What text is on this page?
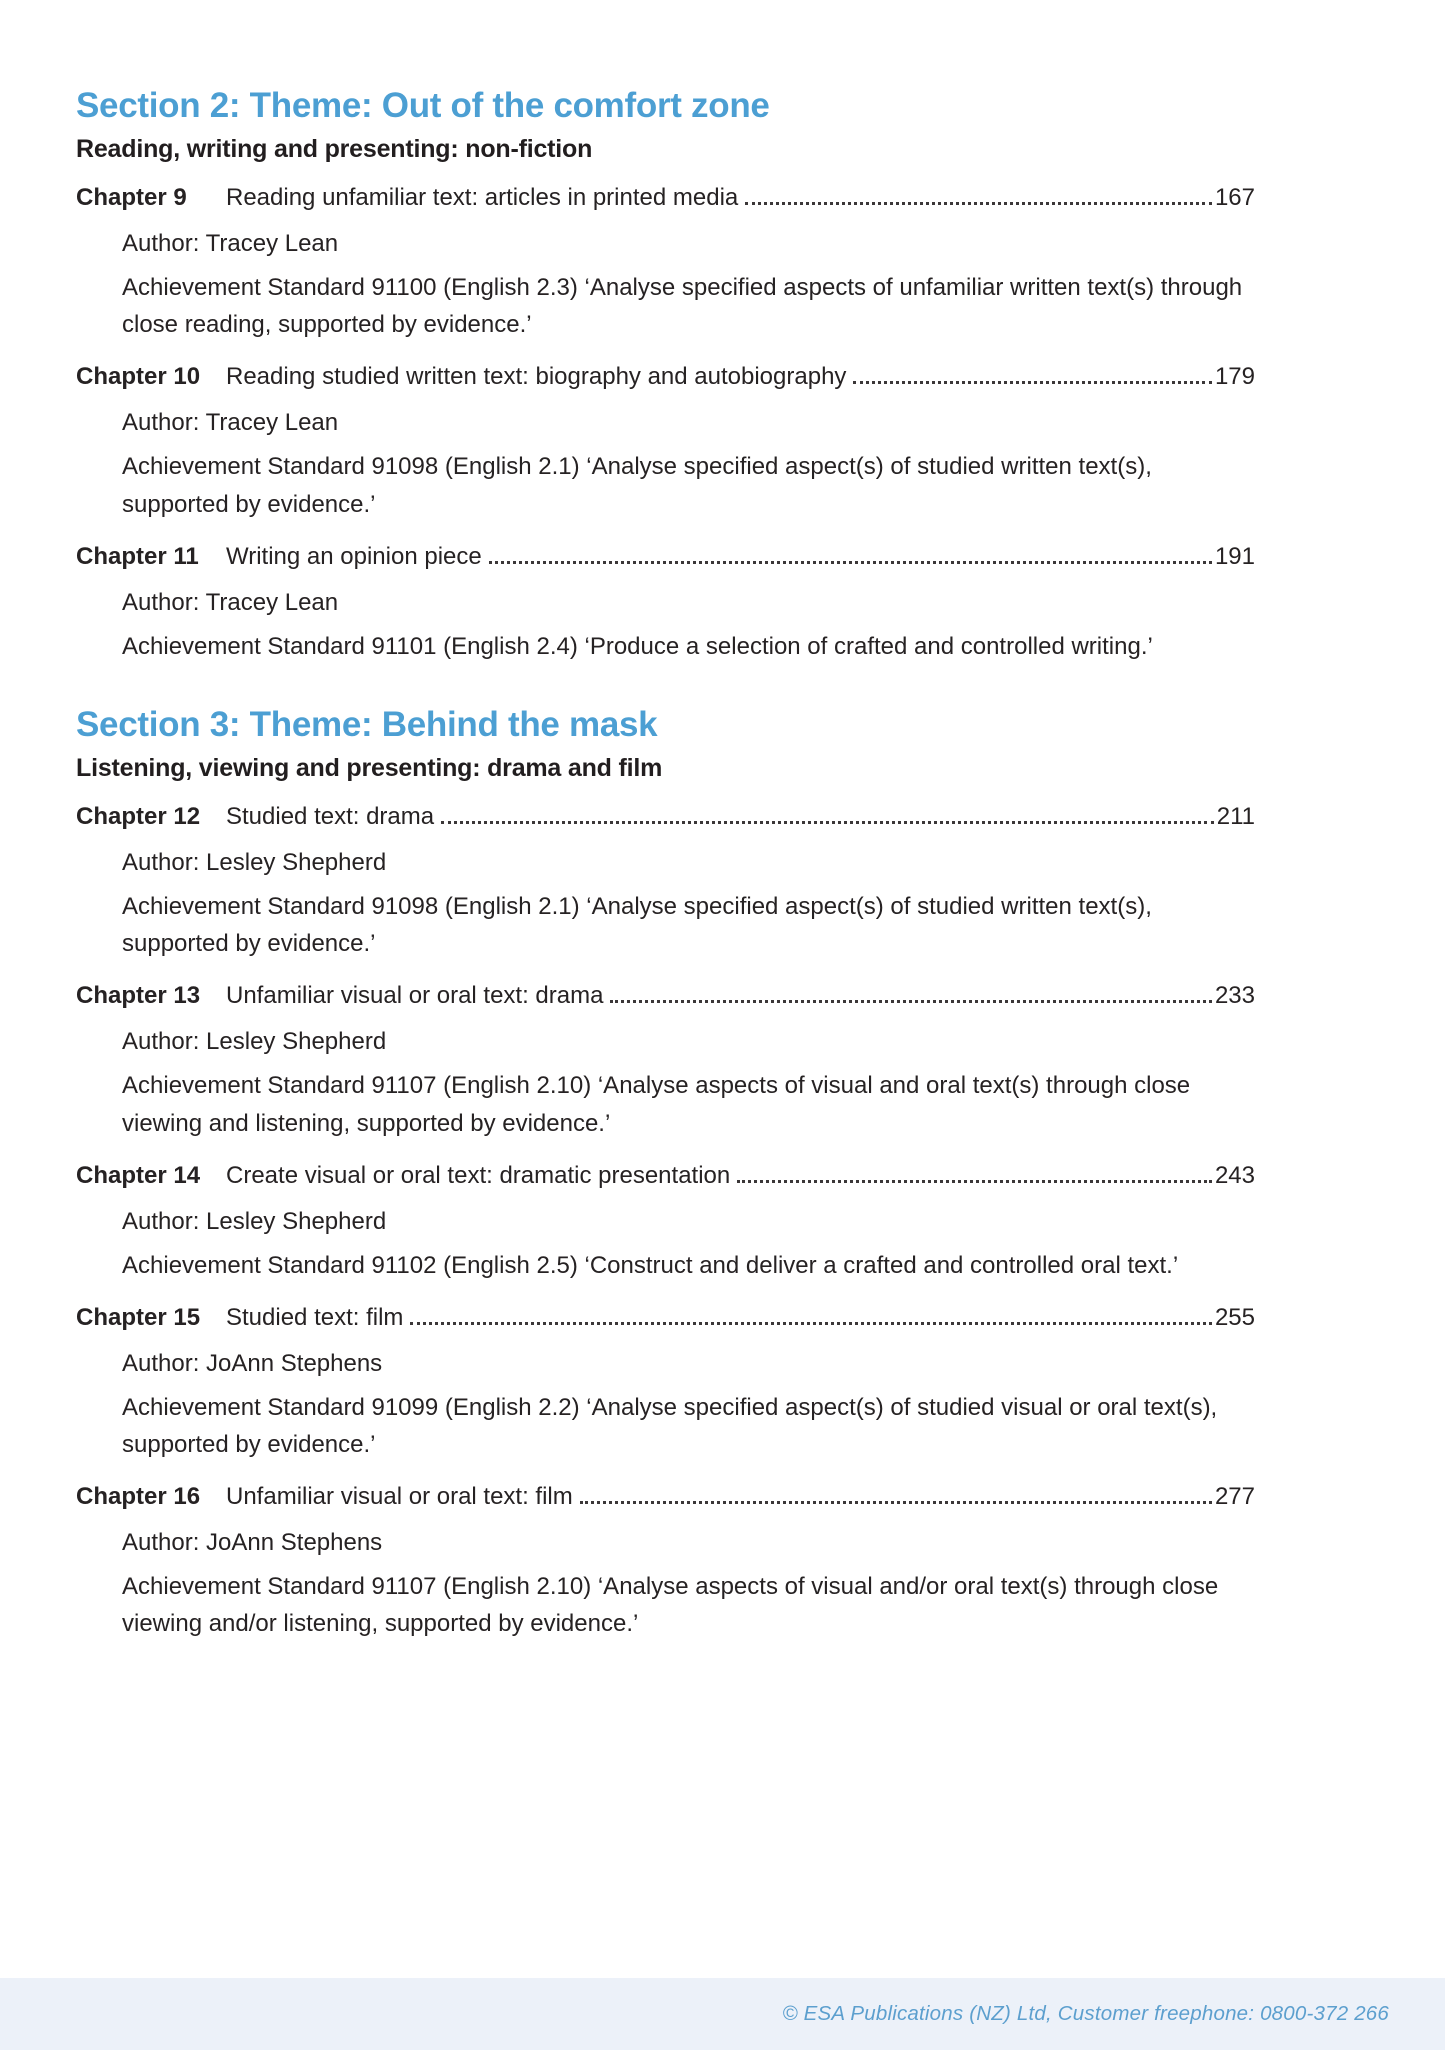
Section 2: Theme: Out of the comfort zone
Reading, writing and presenting: non-fiction
Chapter 9	Reading unfamiliar text: articles in printed media	167

Author: Tracey Lean

Achievement Standard 91100 (English 2.3) ‘Analyse specified aspects of unfamiliar written text(s) through close reading, supported by evidence.’

Chapter 10	Reading studied written text: biography and autobiography	179

Author: Tracey Lean

Achievement Standard 91098 (English 2.1) ‘Analyse specified aspect(s) of studied written text(s), supported by evidence.’

Chapter 11	Writing an opinion piece	191

Author: Tracey Lean

Achievement Standard 91101 (English 2.4) ‘Produce a selection of crafted and controlled writing.’

Section 3: Theme: Behind the mask
Listening, viewing and presenting: drama and film
Chapter 12	Studied text: drama	211

Author: Lesley Shepherd

Achievement Standard 91098 (English 2.1) ‘Analyse specified aspect(s) of studied written text(s), supported by evidence.’

Chapter 13	Unfamiliar visual or oral text: drama	233

Author: Lesley Shepherd

Achievement Standard 91107 (English 2.10) ‘Analyse aspects of visual and oral text(s) through close viewing and listening, supported by evidence.’

Chapter 14	Create visual or oral text: dramatic presentation	243

Author: Lesley Shepherd

Achievement Standard 91102 (English 2.5) ‘Construct and deliver a crafted and controlled oral text.’

Chapter 15	Studied text: film	255

Author: JoAnn Stephens

Achievement Standard 91099 (English 2.2) ‘Analyse specified aspect(s) of studied visual or oral text(s), supported by evidence.’

Chapter 16	Unfamiliar visual or oral text: film	277

Author: JoAnn Stephens

Achievement Standard 91107 (English 2.10) ‘Analyse aspects of visual and/or oral text(s) through close viewing and/or listening, supported by evidence.’

© ESA Publications (NZ) Ltd, Customer freephone: 0800-372 266
